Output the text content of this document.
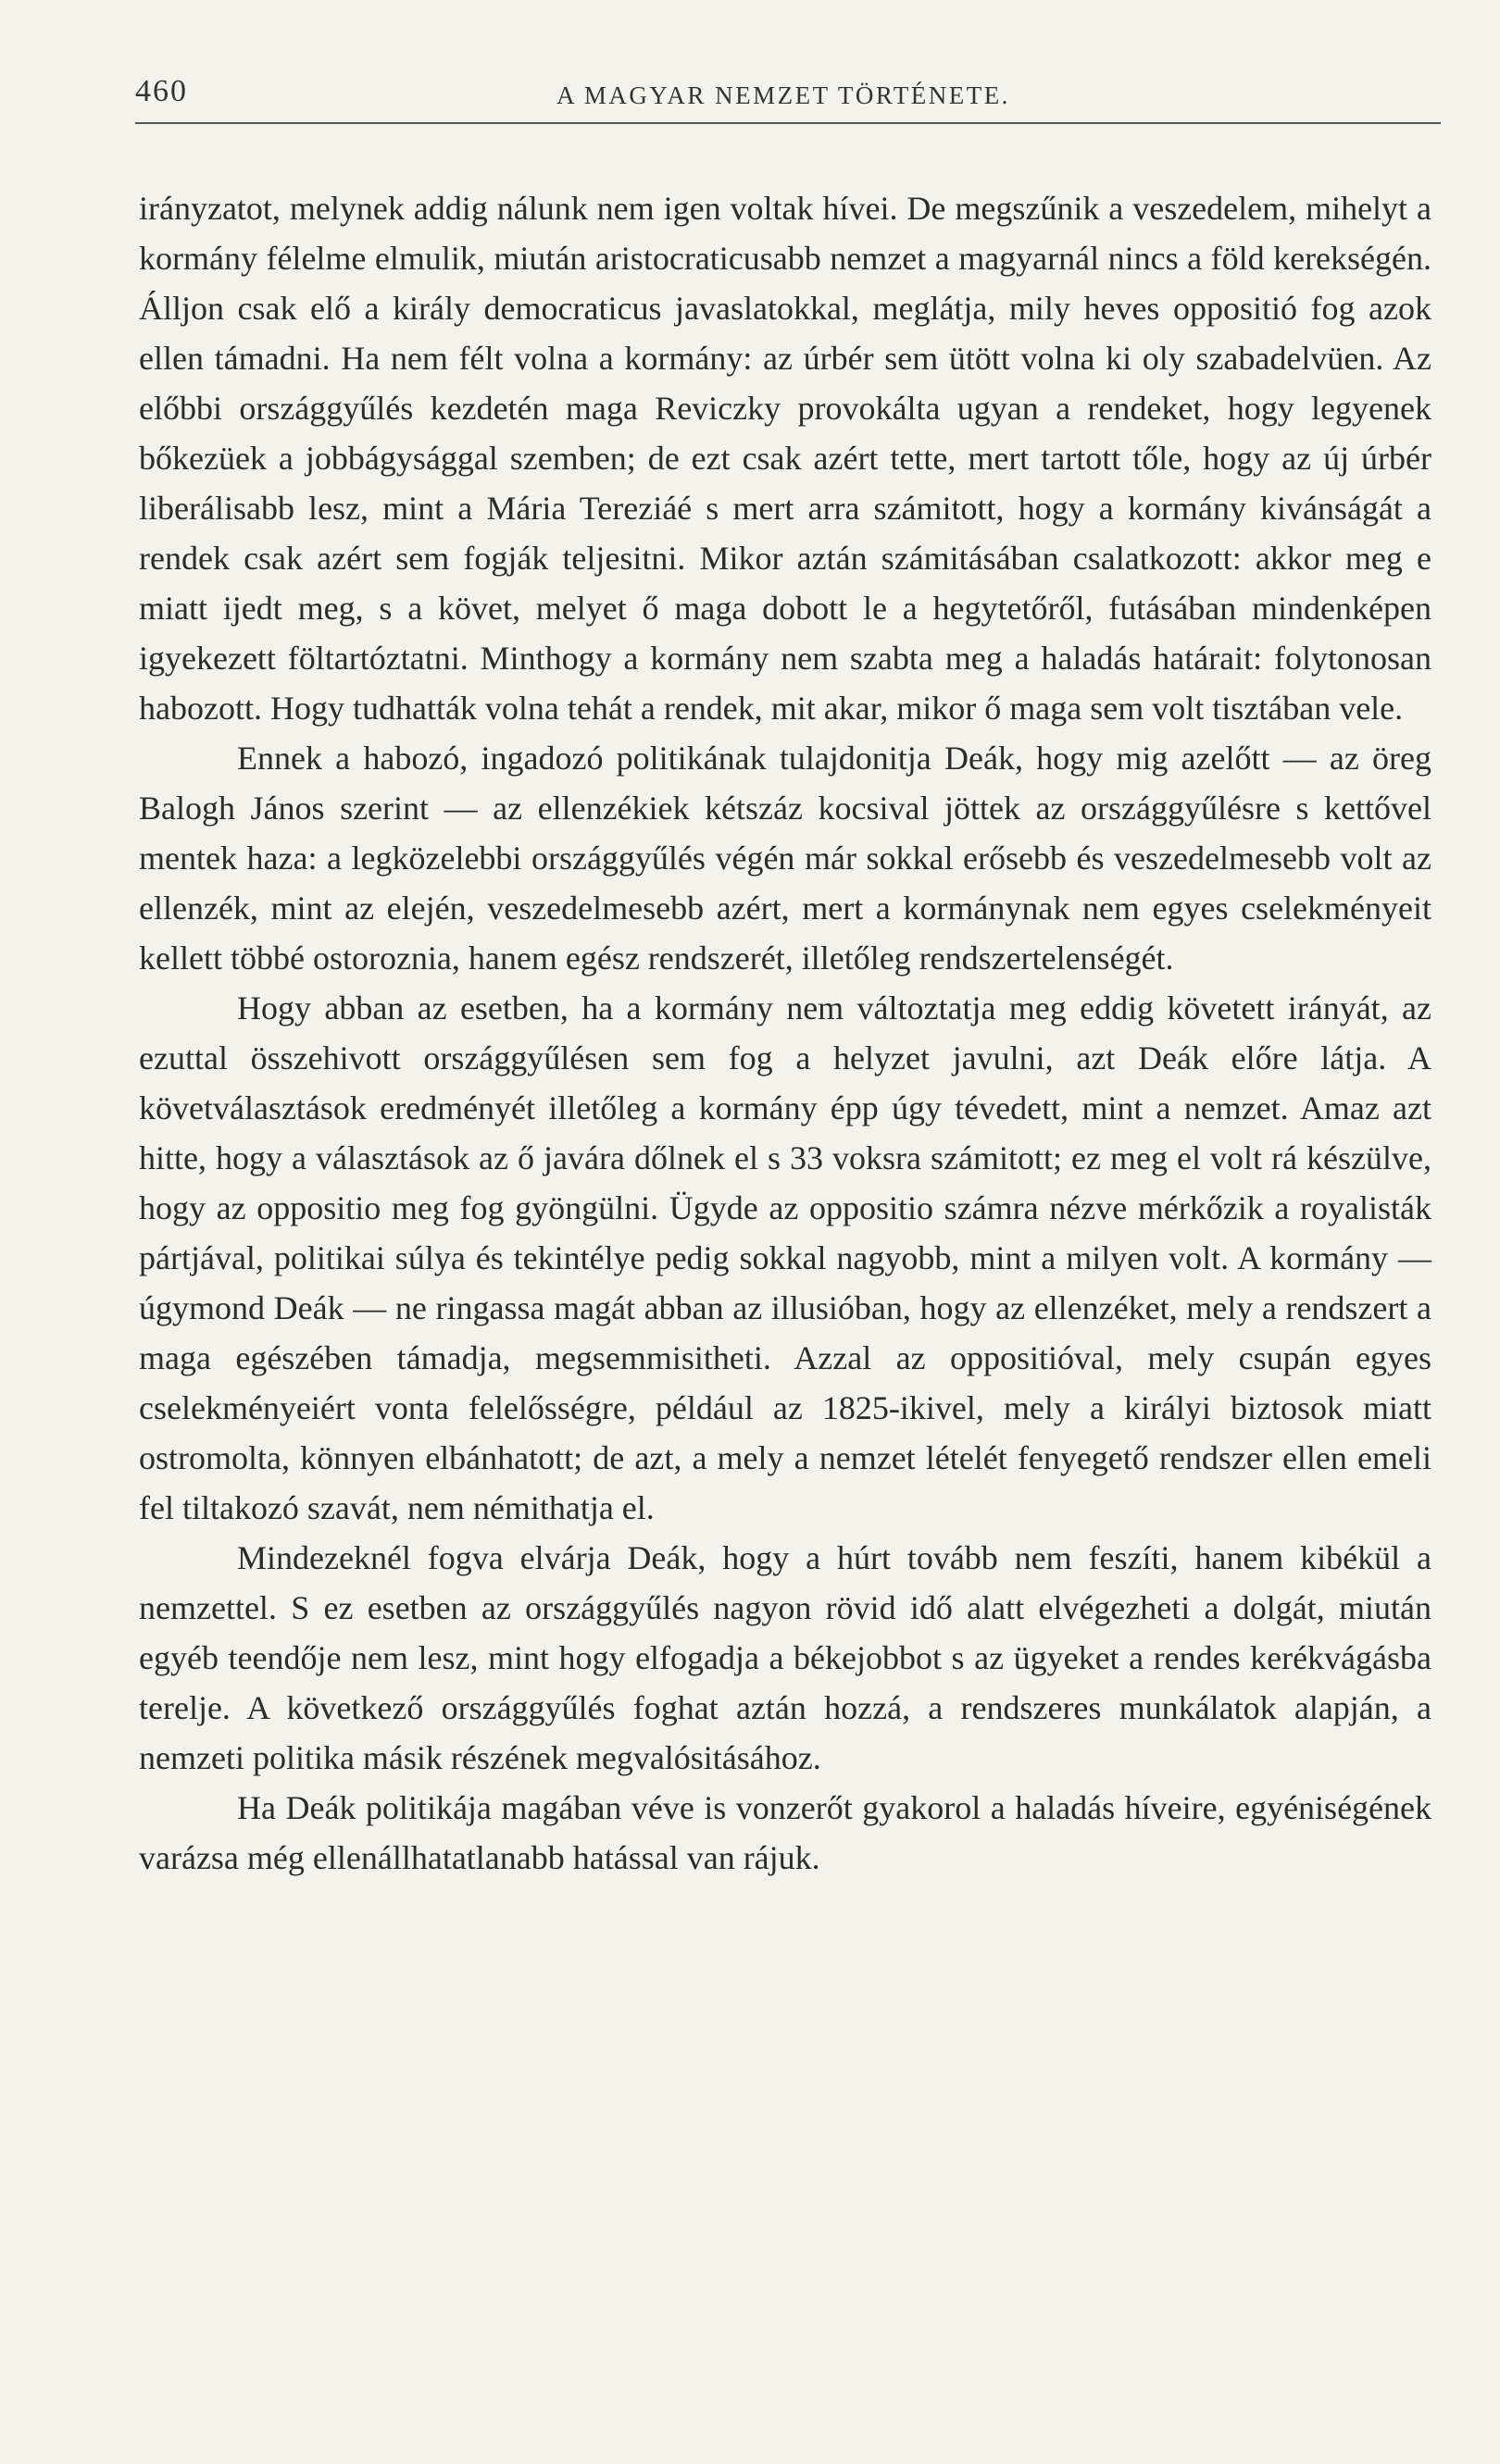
460	A MAGYAR NEMZET TÖRTÉNETE.

irányzatot, melynek addig nálunk nem igen voltak hívei. De megszűnik a veszedelem, mihelyt a kormány félelme elmulik, miután aristocraticusabb nemzet a magyarnál nincs a föld kerekségén. Álljon csak elő a király democraticus javaslatokkal, meglátja, mily heves oppositió fog azok ellen támadni. Ha nem félt volna a kormány: az úrbér sem ütött volna ki oly szabadelvüen. Az előbbi országgyűlés kezdetén maga Reviczky provokálta ugyan a rendeket, hogy legyenek bőkezüek a jobbágysággal szemben; de ezt csak azért tette, mert tartott tőle, hogy az új úrbér liberálisabb lesz, mint a Mária Tereziáé s mert arra számitott, hogy a kormány kivánságát a rendek csak azért sem fogják teljesitni. Mikor aztán számitásában csalatkozott: akkor meg e miatt ijedt meg, s a követ, melyet ő maga dobott le a hegytetőről, futásában mindenképen igyekezett föltartóztatni. Minthogy a kormány nem szabta meg a haladás határait: folytonosan habozott. Hogy tudhatták volna tehát a rendek, mit akar, mikor ő maga sem volt tisztában vele.

Ennek a habozó, ingadozó politikának tulajdonitja Deák, hogy mig azelőtt — az öreg Balogh János szerint — az ellenzékiek kétszáz kocsival jöttek az országgyűlésre s kettővel mentek haza: a legközelebbi országgyűlés végén már sokkal erősebb és veszedelmesebb volt az ellenzék, mint az elején, veszedelmesebb azért, mert a kormánynak nem egyes cselekményeit kellett többé ostoroznia, hanem egész rendszerét, illetőleg rendszertelenségét.

Hogy abban az esetben, ha a kormány nem változtatja meg eddig követett irányát, az ezuttal összehivott országgyűlésen sem fog a helyzet javulni, azt Deák előre látja. A követválasztások eredményét illetőleg a kormány épp úgy tévedett, mint a nemzet. Amaz azt hitte, hogy a választások az ő javára dőlnek el s 33 voksra számitott; ez meg el volt rá készülve, hogy az oppositio meg fog gyöngülni. Ügyde az oppositio számra nézve mérkőzik a royalisták pártjával, politikai súlya és tekintélye pedig sokkal nagyobb, mint a milyen volt. A kormány — úgymond Deák — ne ringassa magát abban az illusióban, hogy az ellenzéket, mely a rendszert a maga egészében támadja, megsemmisitheti. Azzal az oppositióval, mely csupán egyes cselekményeiért vonta felelősségre, például az 1825-ikivel, mely a királyi biztosok miatt ostromolta, könnyen elbánhatott; de azt, a mely a nemzet lételét fenyegető rendszer ellen emeli fel tiltakozó szavát, nem némithatja el.

Mindezeknél fogva elvárja Deák, hogy a húrt tovább nem feszíti, hanem kibékül a nemzettel. S ez esetben az országgyűlés nagyon rövid idő alatt elvégezheti a dolgát, miután egyéb teendője nem lesz, mint hogy elfogadja a békejobbot s az ügyeket a rendes kerékvágásba terelje. A következő országgyűlés foghat aztán hozzá, a rendszeres munkálatok alapján, a nemzeti politika másik részének megvalósitásához.

Ha Deák politikája magában véve is vonzerőt gyakorol a haladás híveire, egyéniségének varázsa még ellenállhatatlanabb hatással van rájuk.
